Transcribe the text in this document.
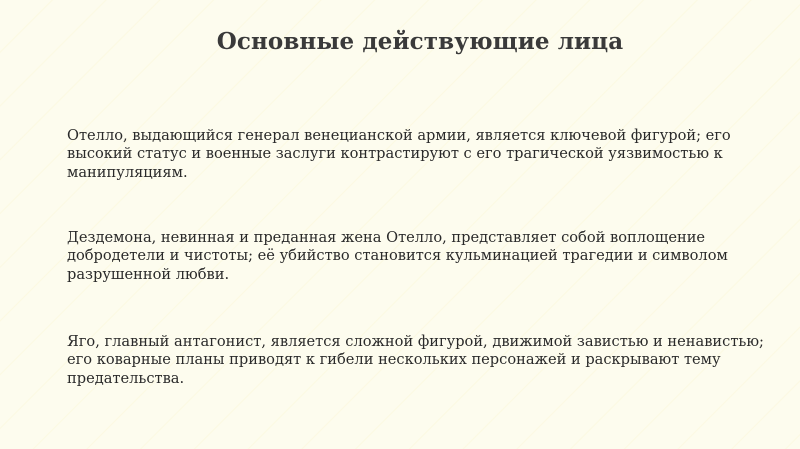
Основные действующие лица

Отелло, выдающийся генерал венецианской армии, является ключевой фигурой; его высокий статус и военные заслуги контрастируют с его трагической уязвимостью к манипуляциям.

Дездемона, невинная и преданная жена Отелло, представляет собой воплощение добродетели и чистоты; её убийство становится кульминацией трагедии и символом разрушенной любви.

Яго, главный антагонист, является сложной фигурой, движимой завистью и ненавистью; его коварные планы приводят к гибели нескольких персонажей и раскрывают тему предательства.
